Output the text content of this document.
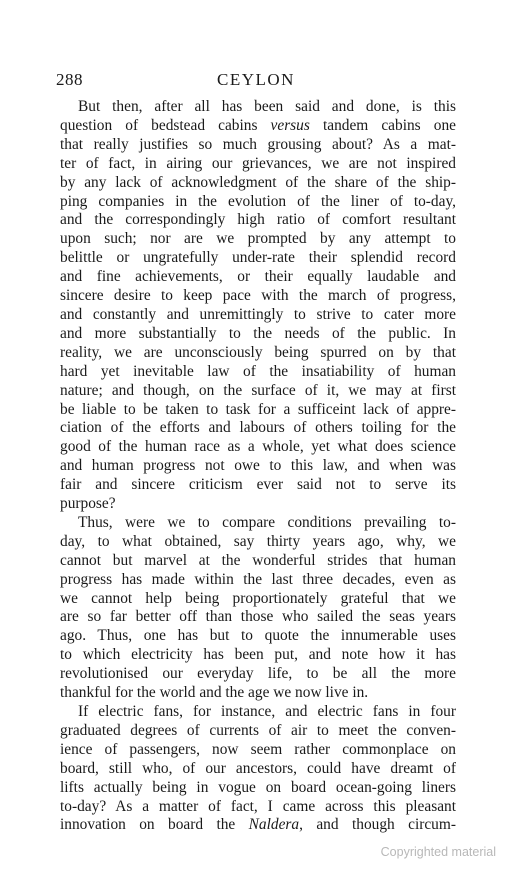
288	CEYLON
But then, after all has been said and done, is this
question of bedstead cabins versus tandem cabins one
that really justifies so much grousing about? As a mat-
ter of fact, in airing our grievances, we are not inspired
by any lack of acknowledgment of the share of the ship-
ping companies in the evolution of the liner of to-day,
and the correspondingly high ratio of comfort resultant
upon such; nor are we prompted by any attempt to
belittle or ungratefully under-rate their splendid record
and fine achievements, or their equally laudable and
sincere desire to keep pace with the march of progress,
and constantly and unremittingly to strive to cater more
and more substantially to the needs of the public. In
reality, we are unconsciously being spurred on by that
hard yet inevitable law of the insatiability of human
nature; and though, on the surface of it, we may at first
be liable to be taken to task for a sufficeint lack of appre-
ciation of the efforts and labours of others toiling for the
good of the human race as a whole, yet what does science
and human progress not owe to this law, and when was
fair and sincere criticism ever said not to serve its
purpose?
Thus, were we to compare conditions prevailing to-
day, to what obtained, say thirty years ago, why, we
cannot but marvel at the wonderful strides that human
progress has made within the last three decades, even as
we cannot help being proportionately grateful that we
are so far better off than those who sailed the seas years
ago. Thus, one has but to quote the innumerable uses
to which electricity has been put, and note how it has
revolutionised our everyday life, to be all the more
thankful for the world and the age we now live in.
If electric fans, for instance, and electric fans in four
graduated degrees of currents of air to meet the conven-
ience of passengers, now seem rather commonplace on
board, still who, of our ancestors, could have dreamt of
lifts actually being in vogue on board ocean-going liners
to-day? As a matter of fact, I came across this pleasant
innovation on board the Naldera, and though circum-
Copyrighted material
